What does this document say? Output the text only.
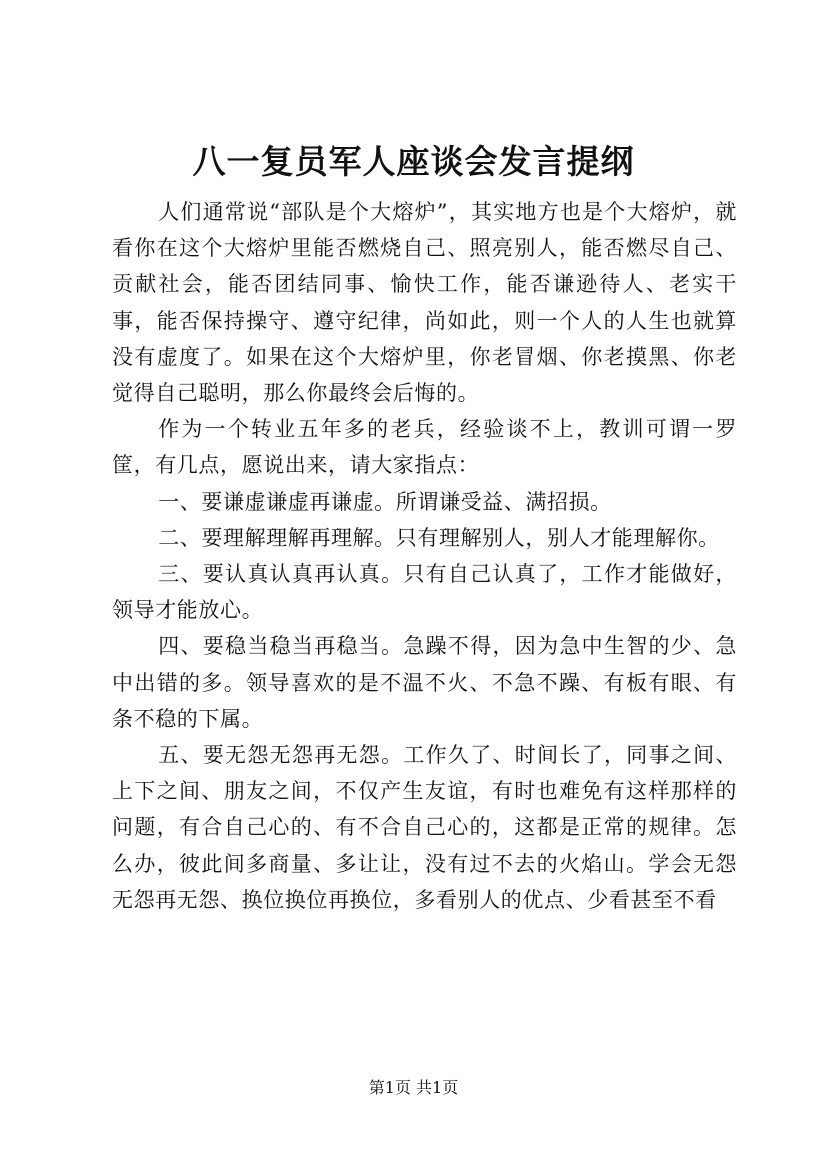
八一复员军人座谈会发言提纲

人们通常说“部队是个大熔炉”，其实地方也是个大熔炉，就看你在这个大熔炉里能否燃烧自己、照亮别人，能否燃尽自己、贡献社会，能否团结同事、愉快工作，能否谦逊待人、老实干事，能否保持操守、遵守纪律，尚如此，则一个人的人生也就算没有虚度了。如果在这个大熔炉里，你老冒烟、你老摸黑、你老觉得自己聪明，那么你最终会后悔的。

作为一个转业五年多的老兵，经验谈不上，教训可谓一罗筐，有几点，愿说出来，请大家指点：

一、要谦虚谦虚再谦虚。所谓谦受益、满招损。

二、要理解理解再理解。只有理解别人，别人才能理解你。

三、要认真认真再认真。只有自己认真了，工作才能做好，领导才能放心。

四、要稳当稳当再稳当。急躁不得，因为急中生智的少、急中出错的多。领导喜欢的是不温不火、不急不躁、有板有眼、有条不稳的下属。

五、要无怨无怨再无怨。工作久了、时间长了，同事之间、上下之间、朋友之间，不仅产生友谊，有时也难免有这样那样的问题，有合自己心的、有不合自己心的，这都是正常的规律。怎么办，彼此间多商量、多让让，没有过不去的火焰山。学会无怨无怨再无怨、换位换位再换位，多看别人的优点、少看甚至不看

第1页 共1页
